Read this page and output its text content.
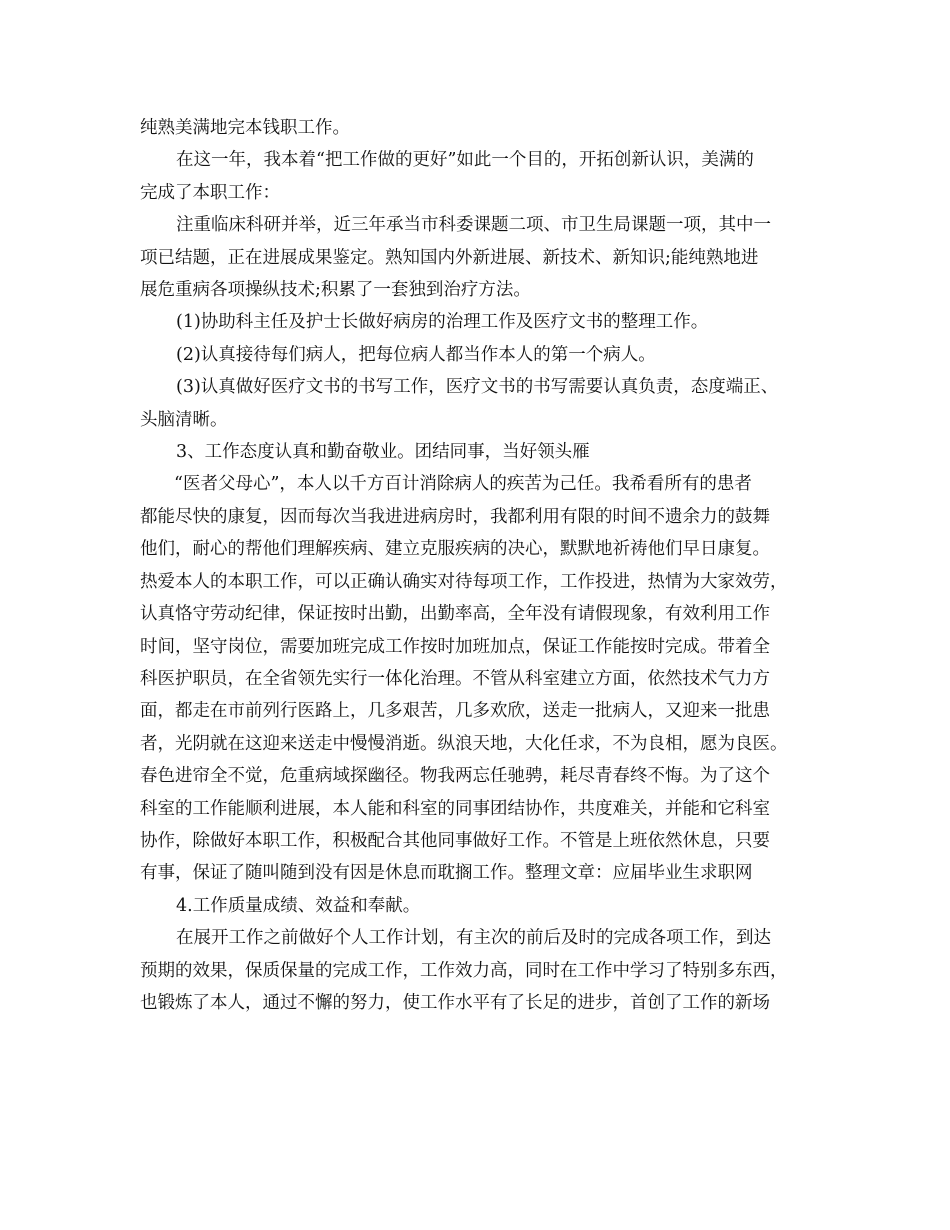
纯熟美满地完本钱职工作。
在这一年，我本着“把工作做的更好”如此一个目的，开拓创新认识，美满的
完成了本职工作：
注重临床科研并举，近三年承当市科委课题二项、市卫生局课题一项，其中一
项已结题，正在进展成果鉴定。熟知国内外新进展、新技术、新知识;能纯熟地进
展危重病各项操纵技术;积累了一套独到治疗方法。
(1)协助科主任及护士长做好病房的治理工作及医疗文书的整理工作。
(2)认真接待每们病人，把每位病人都当作本人的第一个病人。
(3)认真做好医疗文书的书写工作，医疗文书的书写需要认真负责，态度端正、
头脑清晰。
3、工作态度认真和勤奋敬业。团结同事，当好领头雁
“医者父母心”，本人以千方百计消除病人的疾苦为己任。我希看所有的患者
都能尽快的康复，因而每次当我进进病房时，我都利用有限的时间不遗余力的鼓舞
他们，耐心的帮他们理解疾病、建立克服疾病的决心，默默地祈祷他们早日康复。
热爱本人的本职工作，可以正确认确实对待每项工作，工作投进，热情为大家效劳，
认真恪守劳动纪律，保证按时出勤，出勤率高，全年没有请假现象，有效利用工作
时间，坚守岗位，需要加班完成工作按时加班加点，保证工作能按时完成。带着全
科医护职员，在全省领先实行一体化治理。不管从科室建立方面，依然技术气力方
面，都走在市前列行医路上，几多艰苦，几多欢欣，送走一批病人，又迎来一批患
者，光阴就在这迎来送走中慢慢消逝。纵浪天地，大化任求，不为良相，愿为良医。
春色进帘全不觉，危重病域探幽径。物我两忘任驰骋，耗尽青春终不悔。为了这个
科室的工作能顺利进展，本人能和科室的同事团结协作，共度难关，并能和它科室
协作，除做好本职工作，积极配合其他同事做好工作。不管是上班依然休息，只要
有事，保证了随叫随到没有因是休息而耽搁工作。整理文章：应届毕业生求职网
4.工作质量成绩、效益和奉献。
在展开工作之前做好个人工作计划，有主次的前后及时的完成各项工作，到达
预期的效果，保质保量的完成工作，工作效力高，同时在工作中学习了特别多东西，
也锻炼了本人，通过不懈的努力，使工作水平有了长足的进步，首创了工作的新场
